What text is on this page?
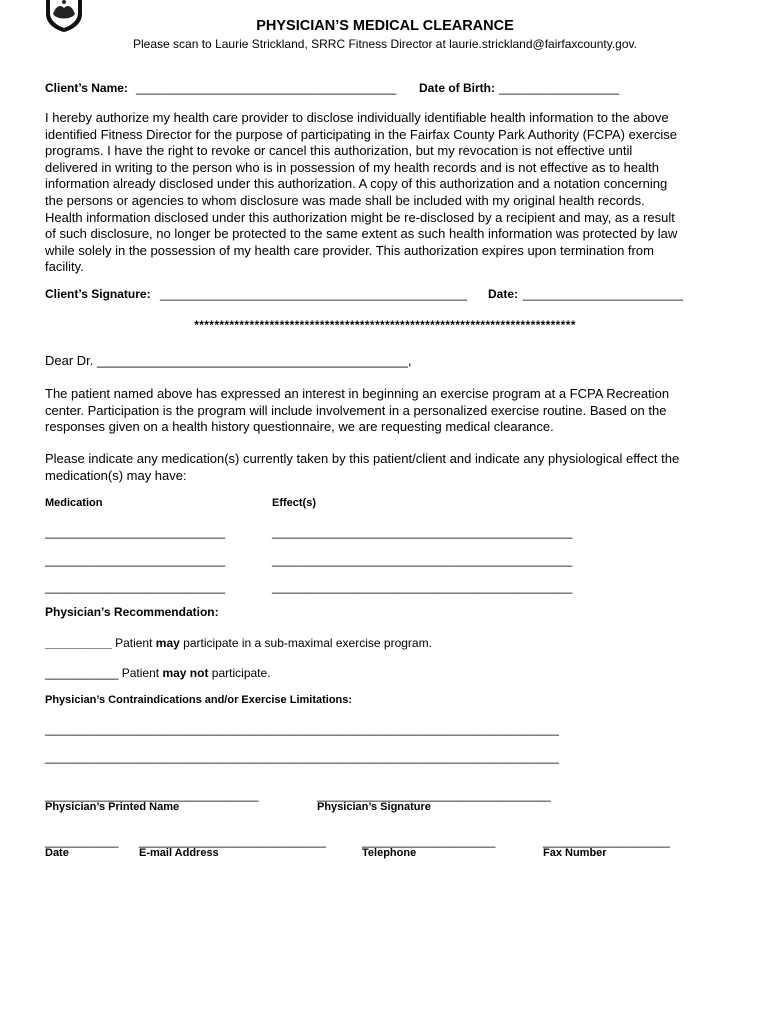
PHYSICIAN’S MEDICAL CLEARANCE
Please scan to Laurie Strickland, SRRC Fitness Director at laurie.strickland@fairfaxcounty.gov.
Client’s Name: _______________________________________ Date of Birth: __________________
I hereby authorize my health care provider to disclose individually identifiable health information to the above
identified Fitness Director for the purpose of participating in the Fairfax County Park Authority (FCPA) exercise
programs. I have the right to revoke or cancel this authorization, but my revocation is not effective until
delivered in writing to the person who is in possession of my health records and is not effective as to health
information already disclosed under this authorization. A copy of this authorization and a notation concerning
the persons or agencies to whom disclosure was made shall be included with my original health records.
Health information disclosed under this authorization might be re-disclosed by a recipient and may, as a result
of such disclosure, no longer be protected to the same extent as such health information was protected by law
while solely in the possession of my health care provider. This authorization expires upon termination from
facility.
Client’s Signature: ______________________________________________ Date: ________________________
****************************************************************************
Dear Dr. ___________________________________________,
The patient named above has expressed an interest in beginning an exercise program at a FCPA Recreation
center. Participation is the program will include involvement in a personalized exercise routine. Based on the
responses given on a health history questionnaire, we are requesting medical clearance.
Please indicate any medication(s) currently taken by this patient/client and indicate any physiological effect the
medication(s) may have:
Medication	Effect(s)
___________________________	_____________________________________________
___________________________	_____________________________________________
___________________________	_____________________________________________
Physician’s Recommendation:
__________ Patient may participate in a sub-maximal exercise program.
___________ Patient may not participate.
Physician’s Contraindications and/or Exercise Limitations:
_____________________________________________________________________________
_____________________________________________________________________________
________________________________
Physician’s Printed Name
___________________________________
Physician’s Signature
___________
Date
____________________________
E-mail Address
____________________
Telephone
___________________
Fax Number
